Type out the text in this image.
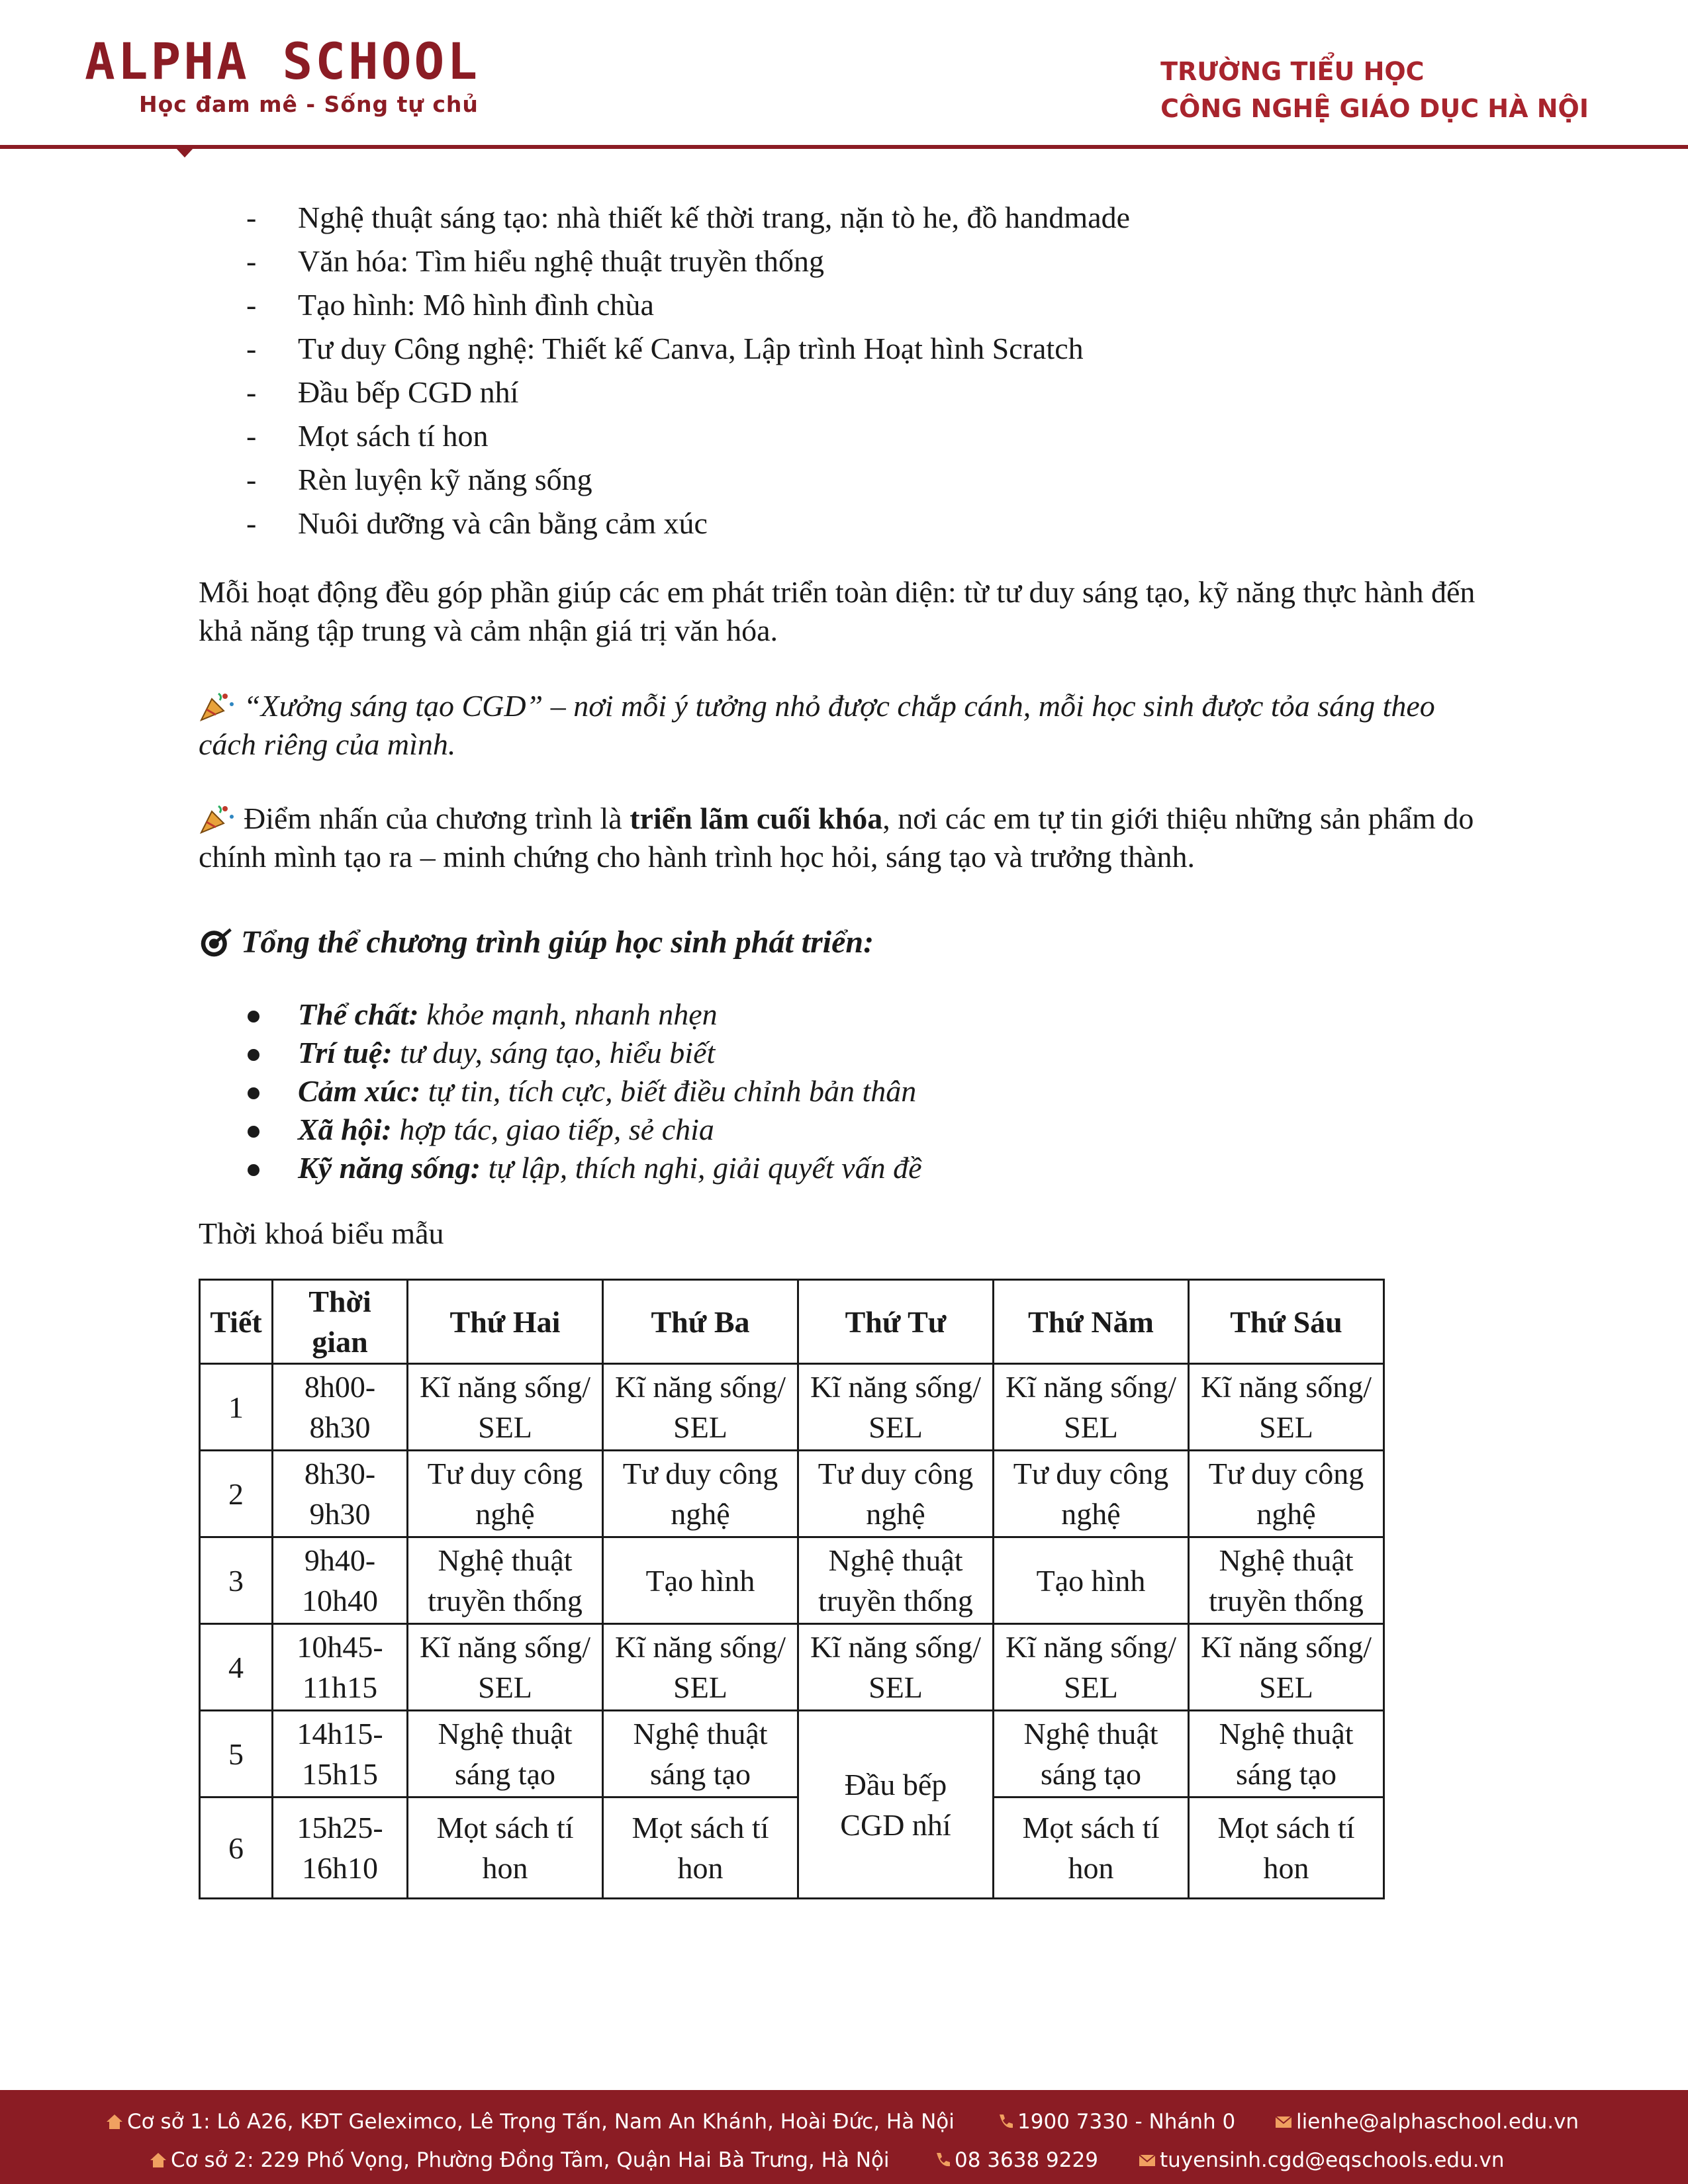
ALPHA SCHOOL
Học đam mê - Sống tự chủ
TRƯỜNG TIỂU HỌC
CÔNG NGHỆ GIÁO DỤC HÀ NỘI
- Nghệ thuật sáng tạo: nhà thiết kế thời trang, nặn tò he, đồ handmade
- Văn hóa: Tìm hiểu nghệ thuật truyền thống
- Tạo hình: Mô hình đình chùa
- Tư duy Công nghệ: Thiết kế Canva, Lập trình Hoạt hình Scratch
- Đầu bếp CGD nhí
- Mọt sách tí hon
- Rèn luyện kỹ năng sống
- Nuôi dưỡng và cân bằng cảm xúc

Mỗi hoạt động đều góp phần giúp các em phát triển toàn diện: từ tư duy sáng tạo, kỹ năng thực hành đến khả năng tập trung và cảm nhận giá trị văn hóa.

“Xưởng sáng tạo CGD” – nơi mỗi ý tưởng nhỏ được chắp cánh, mỗi học sinh được tỏa sáng theo cách riêng của mình.

Điểm nhấn của chương trình là triển lãm cuối khóa, nơi các em tự tin giới thiệu những sản phẩm do chính mình tạo ra – minh chứng cho hành trình học hỏi, sáng tạo và trưởng thành.

Tổng thể chương trình giúp học sinh phát triển:
Thể chất: khỏe mạnh, nhanh nhẹn
Trí tuệ: tư duy, sáng tạo, hiểu biết
Cảm xúc: tự tin, tích cực, biết điều chỉnh bản thân
Xã hội: hợp tác, giao tiếp, sẻ chia
Kỹ năng sống: tự lập, thích nghi, giải quyết vấn đề
Thời khoá biểu mẫu
Tiết	Thời gian	Thứ Hai	Thứ Ba	Thứ Tư	Thứ Năm	Thứ Sáu
1	8h00- 8h30	Kĩ năng sống/ SEL	Kĩ năng sống/ SEL	Kĩ năng sống/ SEL	Kĩ năng sống/ SEL	Kĩ năng sống/ SEL
2	8h30- 9h30	Tư duy công nghệ	Tư duy công nghệ	Tư duy công nghệ	Tư duy công nghệ	Tư duy công nghệ
3	9h40- 10h40	Nghệ thuật truyền thống	Tạo hình	Nghệ thuật truyền thống	Tạo hình	Nghệ thuật truyền thống
4	10h45- 11h15	Kĩ năng sống/ SEL	Kĩ năng sống/ SEL	Kĩ năng sống/ SEL	Kĩ năng sống/ SEL	Kĩ năng sống/ SEL
5	14h15- 15h15	Nghệ thuật sáng tạo	Nghệ thuật sáng tạo	Đầu bếp CGD nhí	Nghệ thuật sáng tạo	Nghệ thuật sáng tạo
6	15h25- 16h10	Mọt sách tí hon	Mọt sách tí hon		Mọt sách tí hon	Mọt sách tí hon
Cơ sở 1: Lô A26, KĐT Geleximco, Lê Trọng Tấn, Nam An Khánh, Hoài Đức, Hà Nội	1900 7330 - Nhánh 0	lienhe@alphaschool.edu.vn
Cơ sở 2: 229 Phố Vọng, Phường Đồng Tâm, Quận Hai Bà Trưng, Hà Nội	08 3638 9229	tuyensinh.cgd@eqschools.edu.vn
